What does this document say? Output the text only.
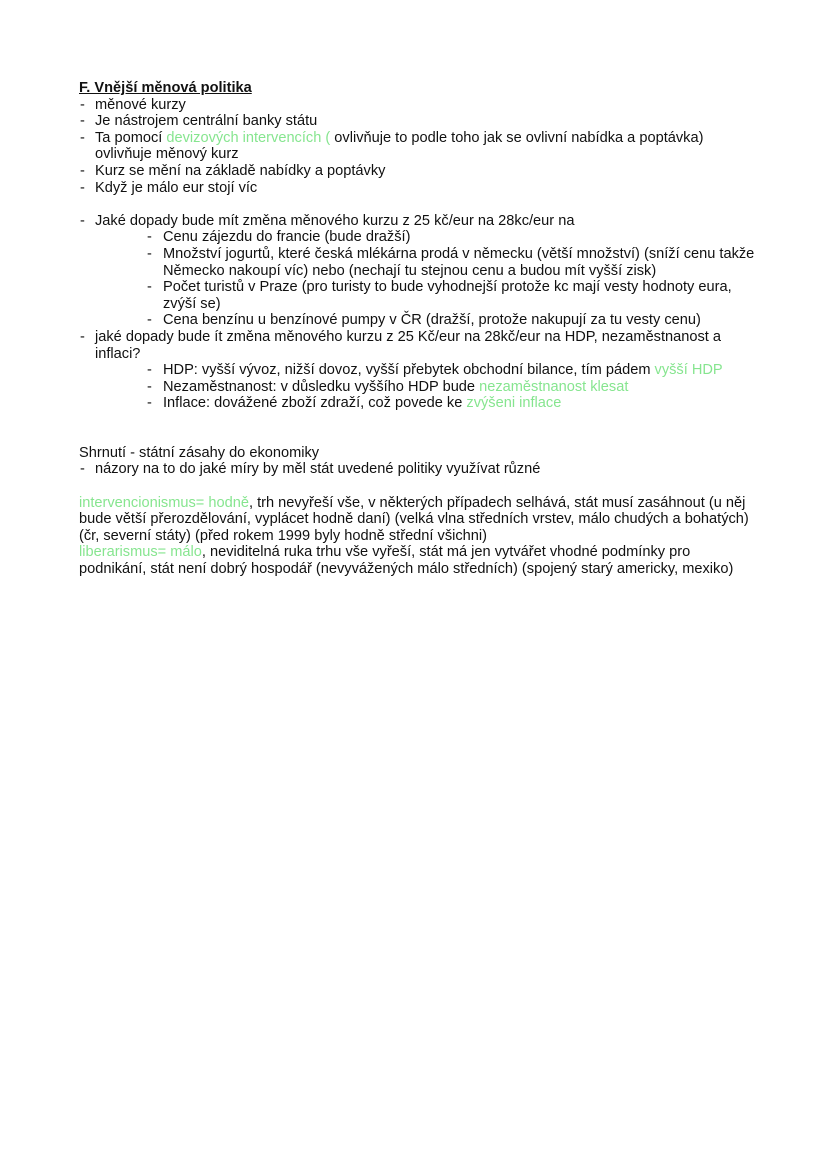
F. Vnější měnová politika
- měnové kurzy
- Je nástrojem centrální banky státu
- Ta pomocí devizových intervencích ( ovlivňuje to podle toho jak se ovlivní nabídka a poptávka) ovlivňuje měnový kurz
- Kurz se mění na základě nabídky a poptávky
- Když je málo eur stojí víc
- Jaké dopady bude mít změna měnového kurzu z 25 kč/eur na 28kc/eur na
- Cenu zájezdu do francie (bude dražší)
- Množství jogurtů, které česká mlékárna prodá v německu (větší množství) (sníží cenu takže Německo nakoupí víc) nebo (nechají tu stejnou cenu a budou mít vyšší zisk)
- Počet turistů v Praze (pro turisty to bude vyhodnejší protože kc mají vesty hodnoty eura, zvýší se)
- Cena benzínu u benzínové pumpy v ČR (dražší, protože nakupují za tu vesty cenu)
- jaké dopady bude ít změna měnového kurzu z 25 Kč/eur na 28kč/eur na HDP, nezaměstnanost a inflaci?
- HDP: vyšší vývoz, nižší dovoz, vyšší přebytek obchodní bilance, tím pádem vyšší HDP
- Nezaměstnanost: v důsledku vyššího HDP bude nezaměstnanost klesat
- Inflace: dovážené zboží zdraží, což povede ke zvýšeni inflace
Shrnutí - státní zásahy do ekonomiky
- názory na to do jaké míry by měl stát uvedené politiky využívat různé
intervencionismus= hodně, trh nevyřeší vše, v některých případech selhává, stát musí zasáhnout (u něj bude větší přerozdělování, vyplácet hodně daní) (velká vlna středních vrstev, málo chudých a bohatých) (čr, severní státy) (před rokem 1999 byly hodně střední všichni)
liberarismus= málo, neviditelná ruka trhu vše vyřeší, stát má jen vytvářet vhodné podmínky pro podnikání, stát není dobrý hospodář (nevyvážených málo středních) (spojený starý americky, mexiko)
